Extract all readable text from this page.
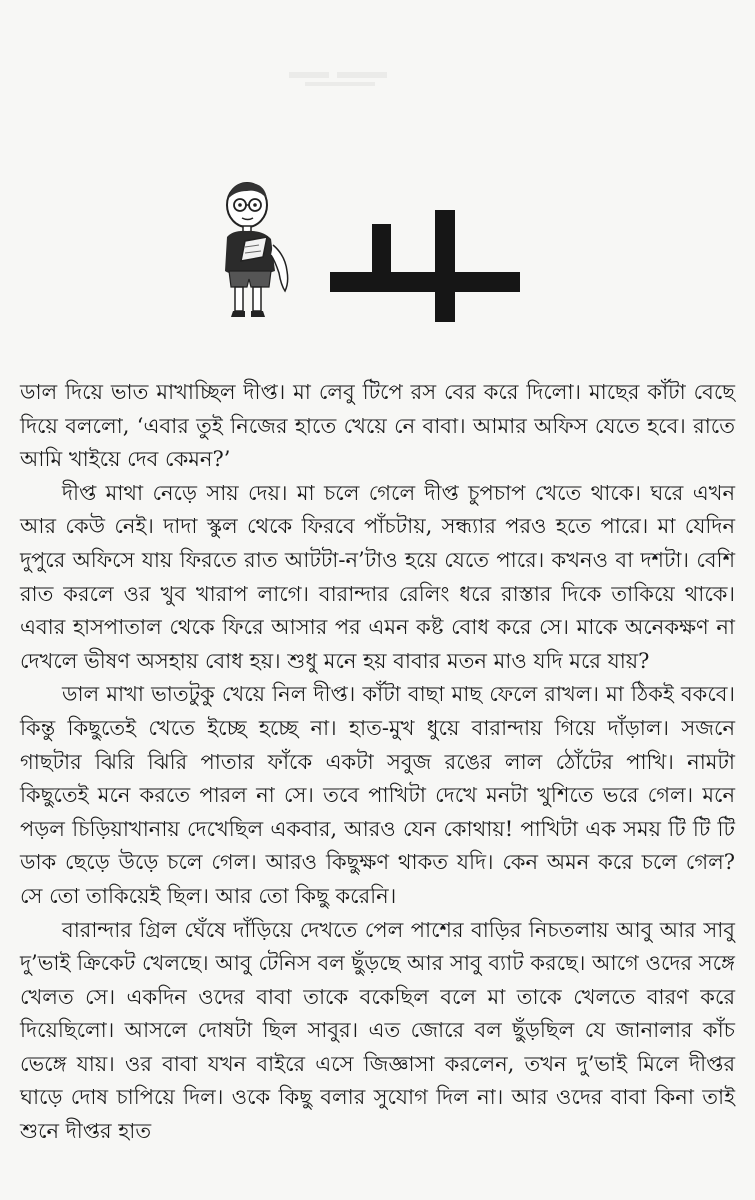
ডাল দিয়ে ভাত মাখাচ্ছিল দীপ্ত। মা লেবু টিপে রস বের করে দিলো। মাছের কাঁটা বেছে দিয়ে বললো, ‘এবার তুই নিজের হাতে খেয়ে নে বাবা। আমার অফিস যেতে হবে। রাতে আমি খাইয়ে দেব কেমন?’

দীপ্ত মাথা নেড়ে সায় দেয়। মা চলে গেলে দীপ্ত চুপচাপ খেতে থাকে। ঘরে এখন আর কেউ নেই। দাদা স্কুল থেকে ফিরবে পাঁচটায়, সন্ধ্যার পরও হতে পারে। মা যেদিন দুপুরে অফিসে যায় ফিরতে রাত আটটা-ন’টাও হয়ে যেতে পারে। কখনও বা দশটা। বেশি রাত করলে ওর খুব খারাপ লাগে। বারান্দার রেলিং ধরে রাস্তার দিকে তাকিয়ে থাকে। এবার হাসপাতাল থেকে ফিরে আসার পর এমন কষ্ট বোধ করে সে। মাকে অনেকক্ষণ না দেখলে ভীষণ অসহায় বোধ হয়। শুধু মনে হয় বাবার মতন মাও যদি মরে যায়?

ডাল মাখা ভাতটুকু খেয়ে নিল দীপ্ত। কাঁটা বাছা মাছ ফেলে রাখল। মা ঠিকই বকবে। কিন্তু কিছুতেই খেতে ইচ্ছে হচ্ছে না। হাত-মুখ ধুয়ে বারান্দায় গিয়ে দাঁড়াল। সজনে গাছটার ঝিরি ঝিরি পাতার ফাঁকে একটা সবুজ রঙের লাল ঠোঁটের পাখি। নামটা কিছুতেই মনে করতে পারল না সে। তবে পাখিটা দেখে মনটা খুশিতে ভরে গেল। মনে পড়ল চিড়িয়াখানায় দেখেছিল একবার, আরও যেন কোথায়! পাখিটা এক সময় টি টি টি ডাক ছেড়ে উড়ে চলে গেল। আরও কিছুক্ষণ থাকত যদি। কেন অমন করে চলে গেল? সে তো তাকিয়েই ছিল। আর তো কিছু করেনি।

বারান্দার গ্রিল ঘেঁষে দাঁড়িয়ে দেখতে পেল পাশের বাড়ির নিচতলায় আবু আর সাবু দু’ভাই ক্রিকেট খেলছে। আবু টেনিস বল ছুঁড়ছে আর সাবু ব্যাট করছে। আগে ওদের সঙ্গে খেলত সে। একদিন ওদের বাবা তাকে বকেছিল বলে মা তাকে খেলতে বারণ করে দিয়েছিলো। আসলে দোষটা ছিল সাবুর। এত জোরে বল ছুঁড়ছিল যে জানালার কাঁচ ভেঙ্গে যায়। ওর বাবা যখন বাইরে এসে জিজ্ঞাসা করলেন, তখন দু’ভাই মিলে দীপ্তর ঘাড়ে দোষ চাপিয়ে দিল। ওকে কিছু বলার সুযোগ দিল না। আর ওদের বাবা কিনা তাই শুনে দীপ্তর হাত
